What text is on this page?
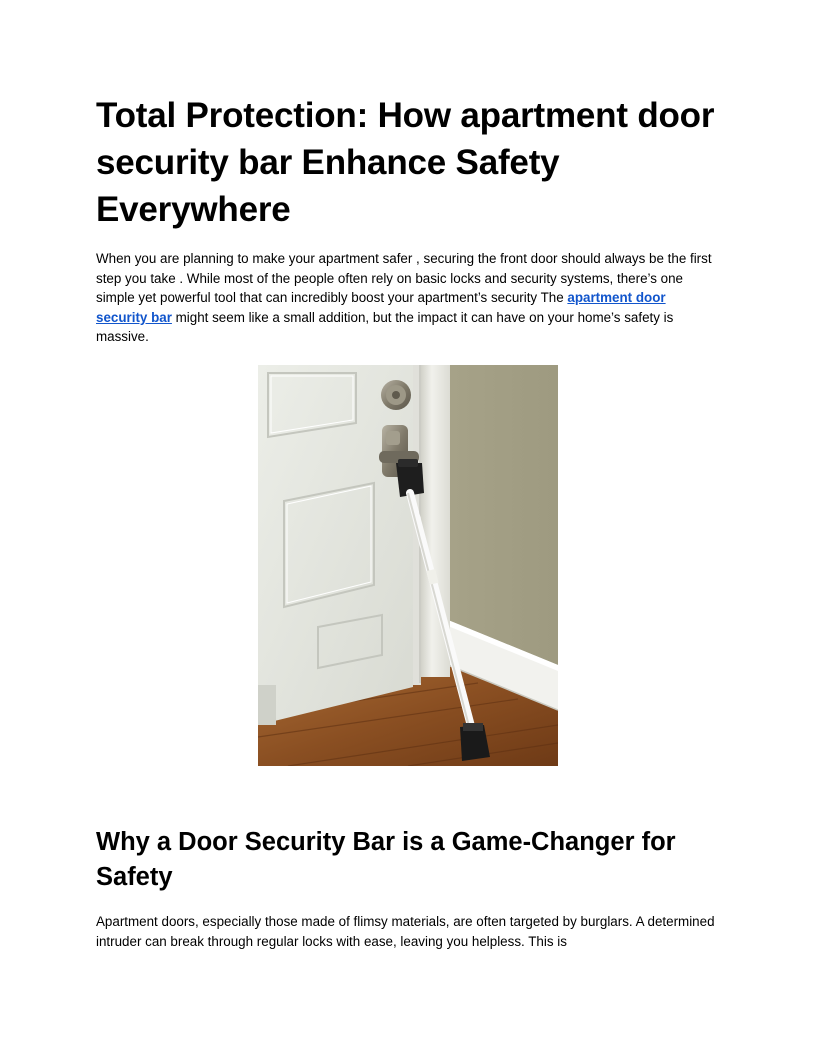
Total Protection: How apartment door security bar Enhance Safety Everywhere

When you are planning to make your apartment safer , securing the front door should always be the first step you take . While most of the people often rely on basic locks and security systems, there’s one simple yet powerful tool that can incredibly boost your apartment’s security The apartment door security bar might seem like a small addition, but the impact it can have on your home’s safety is massive.

Why a Door Security Bar is a Game-Changer for Safety

Apartment doors, especially those made of flimsy materials, are often targeted by burglars. A determined intruder can break through regular locks with ease, leaving you helpless. This is
